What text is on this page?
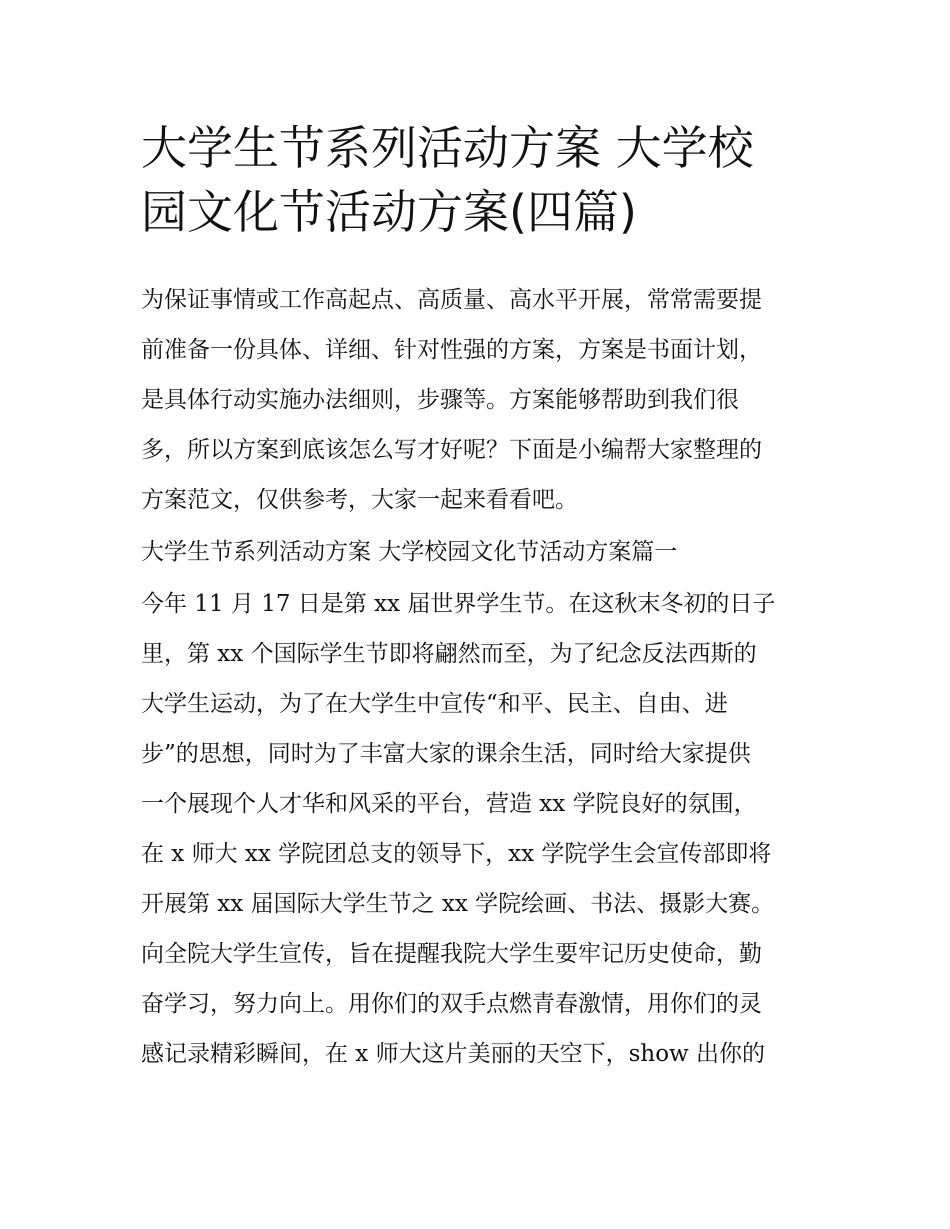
大学生节系列活动方案 大学校
园文化节活动方案(四篇)

为保证事情或工作高起点、高质量、高水平开展，常常需要提

前准备一份具体、详细、针对性强的方案，方案是书面计划，

是具体行动实施办法细则，步骤等。方案能够帮助到我们很

多，所以方案到底该怎么写才好呢？下面是小编帮大家整理的

方案范文，仅供参考，大家一起来看看吧。

大学生节系列活动方案 大学校园文化节活动方案篇一

今年 11 月 17 日是第 xx 届世界学生节。在这秋末冬初的日子

里，第 xx 个国际学生节即将翩然而至，为了纪念反法西斯的

大学生运动，为了在大学生中宣传“和平、民主、自由、进

步”的思想，同时为了丰富大家的课余生活，同时给大家提供

一个展现个人才华和风采的平台，营造 xx 学院良好的氛围，

在 x 师大 xx 学院团总支的领导下，xx 学院学生会宣传部即将

开展第 xx 届国际大学生节之 xx 学院绘画、书法、摄影大赛。

向全院大学生宣传，旨在提醒我院大学生要牢记历史使命，勤

奋学习，努力向上。用你们的双手点燃青春激情，用你们的灵

感记录精彩瞬间，在 x 师大这片美丽的天空下，show 出你的
